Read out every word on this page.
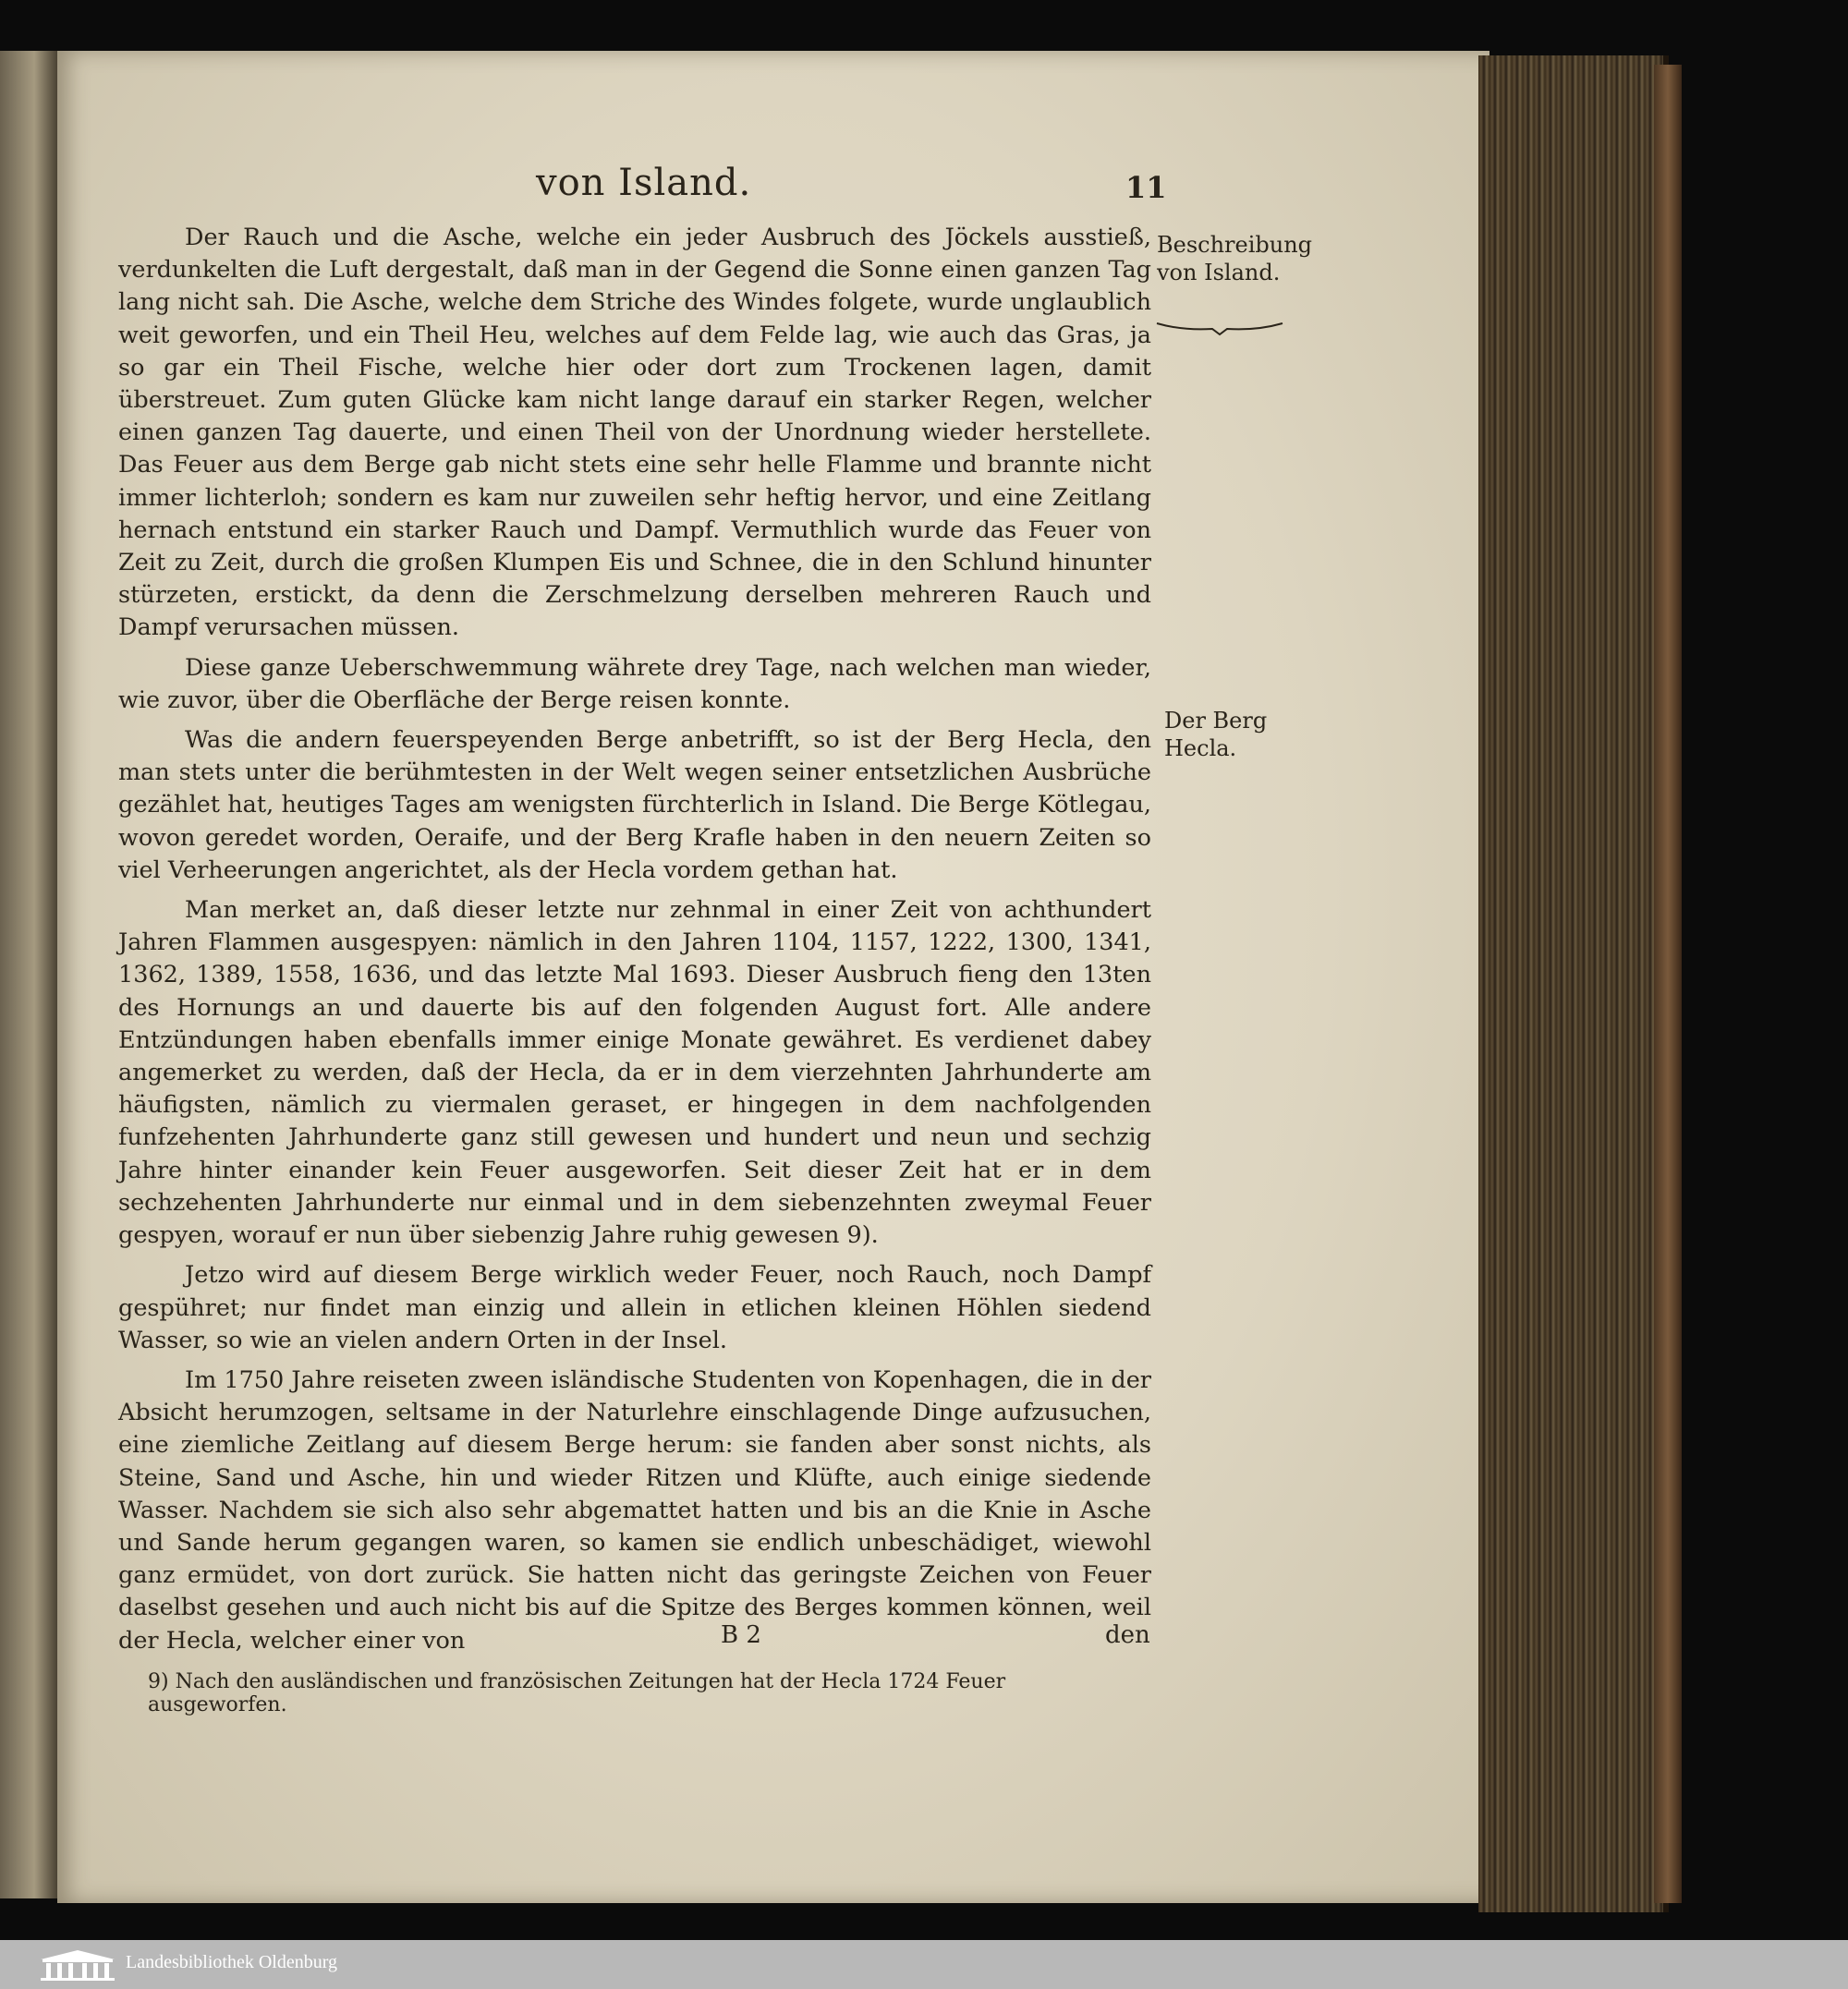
von Island.	11
Beschreibung von Island.
Der Berg Hecla.

Der Rauch und die Asche, welche ein jeder Ausbruch des Jöckels ausstieß, verdunkelten die Luft dergestalt, daß man in der Gegend die Sonne einen ganzen Tag lang nicht sah. Die Asche, welche dem Striche des Windes folgete, wurde unglaublich weit geworfen, und ein Theil Heu, welches auf dem Felde lag, wie auch das Gras, ja so gar ein Theil Fische, welche hier oder dort zum Trockenen lagen, damit überstreuet. Zum guten Glücke kam nicht lange darauf ein starker Regen, welcher einen ganzen Tag dauerte, und einen Theil von der Unordnung wieder herstellete. Das Feuer aus dem Berge gab nicht stets eine sehr helle Flamme und brannte nicht immer lichterloh; sondern es kam nur zuweilen sehr heftig hervor, und eine Zeitlang hernach entstund ein starker Rauch und Dampf. Vermuthlich wurde das Feuer von Zeit zu Zeit, durch die großen Klumpen Eis und Schnee, die in den Schlund hinunter stürzeten, erstickt, da denn die Zerschmelzung derselben mehreren Rauch und Dampf verursachen müssen.

Diese ganze Ueberschwemmung währete drey Tage, nach welchen man wieder, wie zuvor, über die Oberfläche der Berge reisen konnte.

Was die andern feuerspeyenden Berge anbetrifft, so ist der Berg Hecla, den man stets unter die berühmtesten in der Welt wegen seiner entsetzlichen Ausbrüche gezählet hat, heutiges Tages am wenigsten fürchterlich in Island. Die Berge Kötlegau, wovon geredet worden, Oeraife, und der Berg Krafle haben in den neuern Zeiten so viel Verheerungen angerichtet, als der Hecla vordem gethan hat.

Man merket an, daß dieser letzte nur zehnmal in einer Zeit von achthundert Jahren Flammen ausgespyen: nämlich in den Jahren 1104, 1157, 1222, 1300, 1341, 1362, 1389, 1558, 1636, und das letzte Mal 1693. Dieser Ausbruch fieng den 13ten des Hornungs an und dauerte bis auf den folgenden August fort. Alle andere Entzündungen haben ebenfalls immer einige Monate gewähret. Es verdienet dabey angemerket zu werden, daß der Hecla, da er in dem vierzehnten Jahrhunderte am häufigsten, nämlich zu viermalen geraset, er hingegen in dem nachfolgenden funfzehenten Jahrhunderte ganz still gewesen und hundert und neun und sechzig Jahre hinter einander kein Feuer ausgeworfen. Seit dieser Zeit hat er in dem sechzehenten Jahrhunderte nur einmal und in dem siebenzehnten zweymal Feuer gespyen, worauf er nun über siebenzig Jahre ruhig gewesen 9).

Jetzo wird auf diesem Berge wirklich weder Feuer, noch Rauch, noch Dampf gespühret; nur findet man einzig und allein in etlichen kleinen Höhlen siedend Wasser, so wie an vielen andern Orten in der Insel.

Im 1750 Jahre reiseten zween isländische Studenten von Kopenhagen, die in der Absicht herumzogen, seltsame in der Naturlehre einschlagende Dinge aufzusuchen, eine ziemliche Zeitlang auf diesem Berge herum: sie fanden aber sonst nichts, als Steine, Sand und Asche, hin und wieder Ritzen und Klüfte, auch einige siedende Wasser. Nachdem sie sich also sehr abgemattet hatten und bis an die Knie in Asche und Sande herum gegangen waren, so kamen sie endlich unbeschädiget, wiewohl ganz ermüdet, von dort zurück. Sie hatten nicht das geringste Zeichen von Feuer daselbst gesehen und auch nicht bis auf die Spitze des Berges kommen können, weil der Hecla, welcher einer von	B 2	den
9) Nach den ausländischen und französischen Zeitungen hat der Hecla 1724 Feuer ausgeworfen.
Landesbibliothek Oldenburg
